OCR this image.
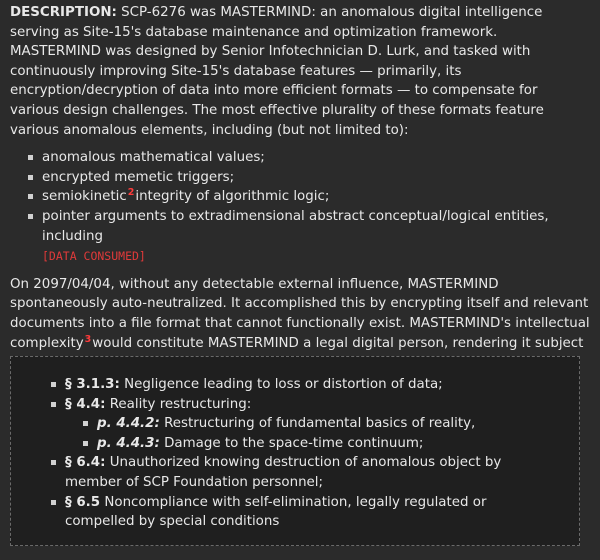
DESCRIPTION: SCP-6276 was MASTERMIND: an anomalous digital intelligence serving as Site-15's database maintenance and optimization framework. MASTERMIND was designed by Senior Infotechnician D. Lurk, and tasked with continuously improving Site-15's database features — primarily, its encryption/decryption of data into more efficient formats — to compensate for various design challenges. The most effective plurality of these formats feature various anomalous elements, including (but not limited to):

anomalous mathematical values;
encrypted memetic triggers;
semiokinetic$^2$integrity of algorithmic logic;
pointer arguments to extradimensional abstract conceptual/logical entities, including
[DATA CONSUMED]

On 2097/04/04, without any detectable external influence, MASTERMIND spontaneously auto-neutralized. It accomplished this by encrypting itself and relevant documents into a file format that cannot functionally exist. MASTERMIND's intellectual complexity$^3$would constitute MASTERMIND a legal digital person, rendering it subject

§ 3.1.3: Negligence leading to loss or distortion of data;
§ 4.4: Reality restructuring:
p. 4.4.2: Restructuring of fundamental basics of reality,
p. 4.4.3: Damage to the space-time continuum;
§ 6.4: Unauthorized knowing destruction of anomalous object by member of SCP Foundation personnel;
§ 6.5 Noncompliance with self-elimination, legally regulated or compelled by special conditions
